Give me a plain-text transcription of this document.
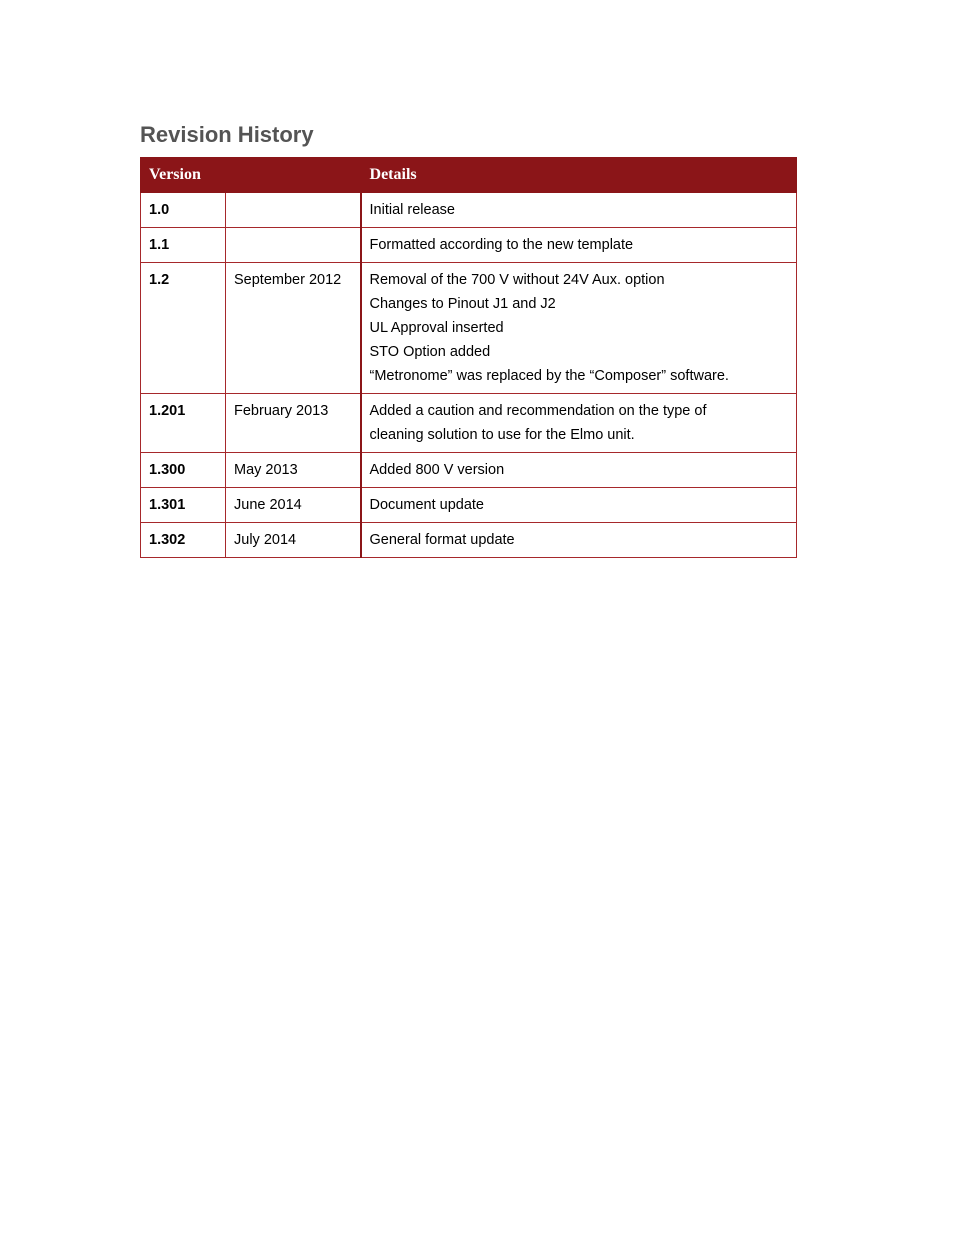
Revision History
Version		Details
1.0		Initial release

1.1		Formatted according to the new template

1.2	September 2012	Removal of the 700 V without 24V Aux. option
Changes to Pinout J1 and J2
UL Approval inserted
STO Option added
“Metronome” was replaced by the “Composer” software.

1.201	February 2013	Added a caution and recommendation on the type of
cleaning solution to use for the Elmo unit.

1.300	May 2013	Added 800 V version

1.301	June 2014	Document update

1.302	July 2014	General format update
